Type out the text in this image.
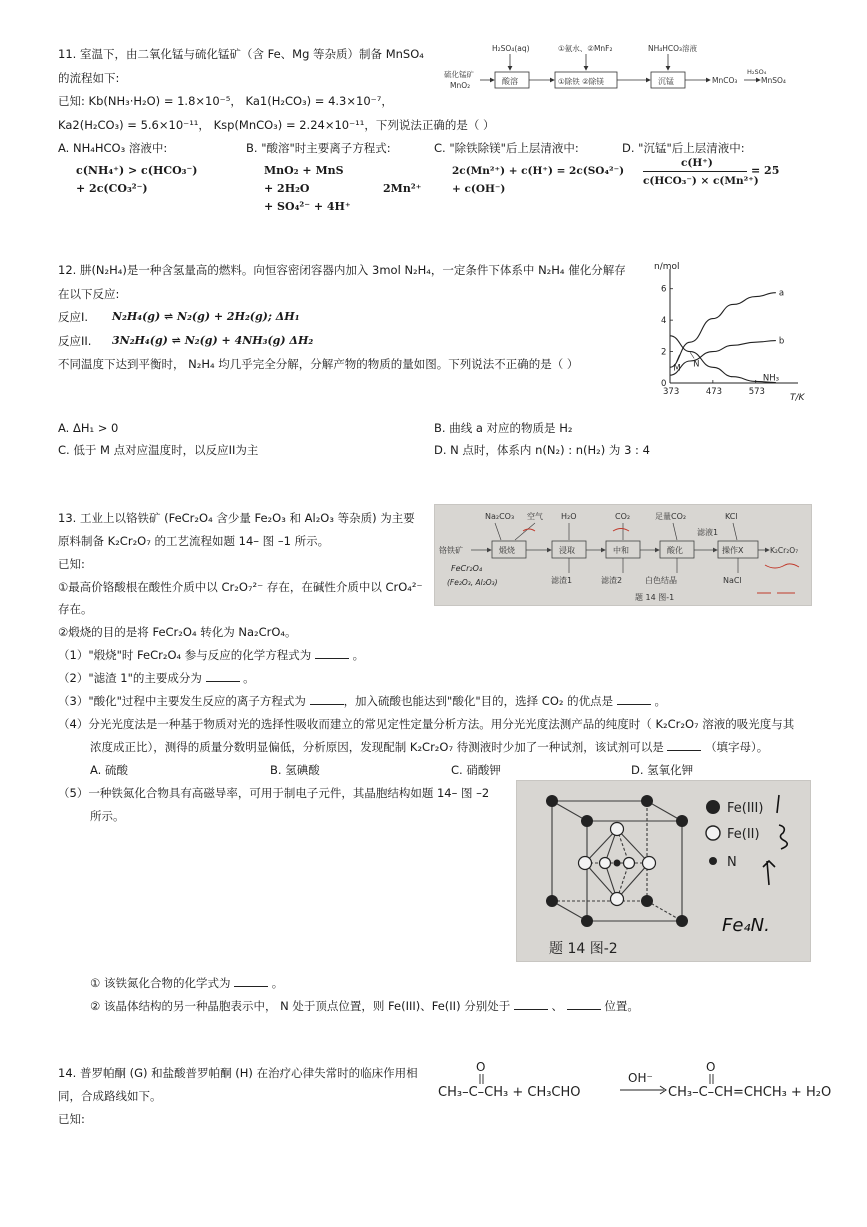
11. 室温下，由二氧化锰与硫化锰矿（含 Fe、Mg 等杂质）制备 MnSO₄
的流程如下:
已知: Kb(NH₃·H₂O) = 1.8×10⁻⁵， Ka1(H₂CO₃) = 4.3×10⁻⁷，
Ka2(H₂CO₃) = 5.6×10⁻¹¹， Ksp(MnCO₃) = 2.24×10⁻¹¹，下列说法正确的是（ ）
H₂SO₄(aq)	①氨水、②MnF₂	NH₄HCO₃溶液
硫化锰矿
MnO₂	酸溶	①除铁 ②除镁	沉锰	MnCO₃
H₂SO₄
MnSO₄
A. NH₄HCO₃ 溶液中:
c(NH₄⁺) > c(HCO₃⁻)
+ 2c(CO₃²⁻)
B. "酸溶"时主要离子方程式:
MnO₂ + MnS
+ 2H₂O
+ SO₄²⁻ + 4H⁺
2Mn²⁺
C. "除铁除镁"后上层清液中:
2c(Mn²⁺) + c(H⁺) = 2c(SO₄²⁻)
+ c(OH⁻)
D. "沉锰"后上层清液中:
c(H⁺)
c(HCO₃⁻) × c(Mn²⁺)
= 25
12. 肼(N₂H₄)是一种含氢量高的燃料。向恒容密闭容器内加入 3mol N₂H₄，一定条件下体系中 N₂H₄ 催化分解存
在以下反应:
反应I. N₂H₄(g) ⇌ N₂(g) + 2H₂(g); ΔH₁
反应II. 3N₂H₄(g) ⇌ N₂(g) + 4NH₃(g) ΔH₂
不同温度下达到平衡时， N₂H₄ 均几乎完全分解，分解产物的物质的量如图。下列说法不正确的是（ ）
n/mol
T/K
0
2
4
6
373	473	573
a
b
NH₃
M N
A. ΔH₁ > 0	B. 曲线 a 对应的物质是 H₂
C. 低于 M 点对应温度时，以反应II为主	D. N 点时，体系内 n(N₂) : n(H₂) 为 3 : 4
13. 工业上以铬铁矿 (FeCr₂O₄ 含少量 Fe₂O₃ 和 Al₂O₃ 等杂质) 为主要
原料制备 K₂Cr₂O₇ 的工艺流程如题 14– 图 –1 所示。
已知:
①最高价铬酸根在酸性介质中以 Cr₂O₇²⁻ 存在，在碱性介质中以 CrO₄²⁻
存在。
②煅烧的目的是将 FeCr₂O₄ 转化为 Na₂CrO₄。
（1）"煅烧"时 FeCr₂O₄ 参与反应的化学方程式为	。
（2）"滤渣 1"的主要成分为	。
（3）"酸化"过程中主要发生反应的离子方程式为	，加入硫酸也能达到"酸化"目的，选择 CO₂ 的优点是	。
（4）分光光度法是一种基于物质对光的选择性吸收而建立的常见定性定量分析方法。用分光光度法测产品的纯度时（ K₂Cr₂O₇ 溶液的吸光度与其
浓度成正比），测得的质量分数明显偏低，分析原因，发现配制 K₂Cr₂O₇ 待测液时少加了一种试剂，该试剂可以是	（填字母）。
A. 硫酸	B. 氢碘酸	C. 硝酸钾	D. 氢氧化钾
（5）一种铁氮化合物具有高磁导率，可用于制电子元件，其晶胞结构如题 14– 图 –2
所示。
① 该铁氮化合物的化学式为	。
② 该晶体结构的另一种晶胞表示中， N 处于顶点位置，则 Fe(III)、Fe(II) 分别处于	、	位置。
Na₂CO₃ 空气 H₂O	CO₂	足量CO₂	KCl
铬铁矿	煅烧	浸取	中和	酸化	操作X	K₂Cr₂O₇
滤渣1	滤渣2	白色结晶
滤液1
NaCl
FeCr₂O₄
(Fe₂O₃, Al₂O₃)
题 14 图-1
Fe(III)
Fe(II)
N
题 14 图-2
Fe₄N.
14. 普罗帕酮 (G) 和盐酸普罗帕酮 (H) 在治疗心律失常时的临床作用相
同，合成路线如下。
已知:
O
CH₃–C–CH₃ + CH₃CHO
OH⁻
O
CH₃–C–CH=CHCH₃ + H₂O
